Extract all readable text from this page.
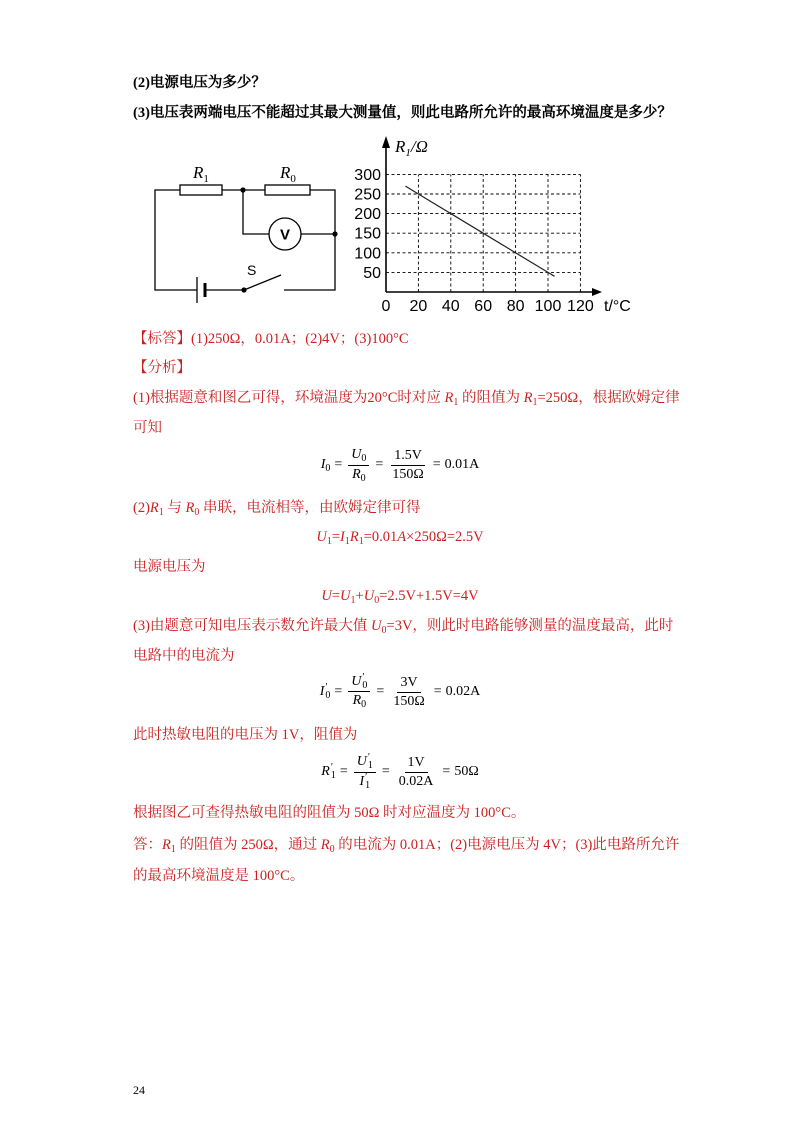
(2)电源电压为多少？
(3)电压表两端电压不能超过其最大测量值，则此电路所允许的最高环境温度是多少？
$R_1$	$R_0$
V
S
$R_1/\Omega$
t/°C
0 20 40 60 80 100 120
50
100
150
200
250
300
【标答】(1)250Ω，0.01A；(2)4V；(3)100°C
【分析】
(1)根据题意和图乙可得，环境温度为20°C时对应 $R_1$ 的阻值为 $R_1=250\Omega$，根据欧姆定律
可知
$I_0 = \frac{U_0}{R_0} = \frac{1.5V}{150\Omega} = 0.01A$
$(2)R_1$ 与 $R_0$ 串联，电流相等，由欧姆定律可得
$U_1=I_1R_1=0.01A\times 250\Omega=2.5V$
电源电压为
$U=U_1+U_0=2.5V+1.5V=4V$
(3)由题意可知电压表示数允许最大值 $U_0=3V$，则此时电路能够测量的温度最高，此时
电路中的电流为
I ′
0 = U ′
0
$R_0 = \frac{3V}{150\Omega} = 0.02A$
此时热敏电阻的电压为 1V，阻值为
R ′
1 = U ′
1
I ′
$1 = \frac{1V}{0.02A} = 50\Omega$
根据图乙可查得热敏电阻的阻值为 50Ω 时对应温度为 100°C。
答：$R_1$ 的阻值为 250Ω，通过 $R_0$ 的电流为 0.01A；(2)电源电压为 4V；(3)此电路所允许
的最高环境温度是 100°C。
24
